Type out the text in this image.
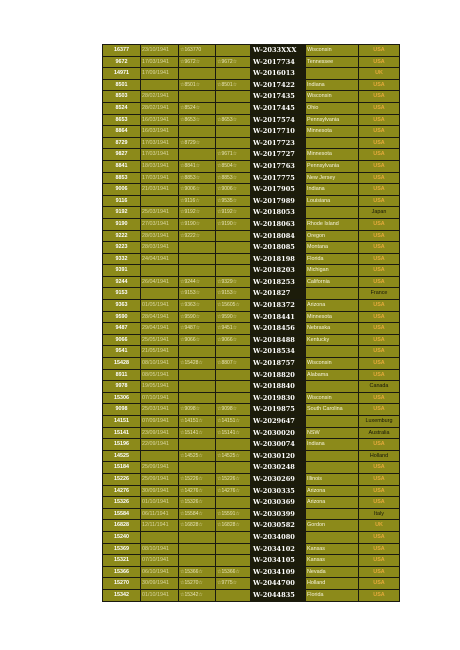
16377	23/10/1941	☆163770		W-2033XXX	Wisconsin	USA
9672	17/03/1941	☆9672☆	☆9672☆	W-2017734	Tennessee	USA
14971	17/09/1941			W-2016013		UK
8501		☆8501☆	☆8501☆	W-2017422	Indiana	USA
8503	28/02/1941			W-2017435	Wisconsin	USA
8524	28/02/1941	☆8524☆		W-2017445	Ohio	USA
8653	16/03/1941	☆8653☆	☆8653☆	W-2017574	Pennsylvania	USA
8864	16/03/1941			W-2017710	Minnesota	USA
8729	17/03/1941	☆8729☆		W-2017723		USA
9827	17/03/1941		☆9671☆	W-2017727	Minnesota	USA
8841	18/03/1941	☆8841☆	☆8504☆	W-2017763	Pennsylvania	USA
8853	17/03/1941	☆8853☆	☆8853☆	W-2017775	New Jersey	USA
9006	21/03/1941	☆9006☆	☆9006☆	W-2017905	Indiana	USA
9116		☆9116☆	☆9535☆	W-2017989	Louisiana	USA
9192	25/03/1941	☆9192☆	☆9192☆	W-2018053		Japan
9190	27/03/1941	☆9190☆	☆9190☆	W-2018063	Rhode Island	USA
9222	28/03/1941	☆9222☆		W-2018084	Oregon	USA
9223	28/03/1941			W-2018085	Montana	USA
9332	24/04/1941			W-2018198	Florida	USA
9391				W-2018203	Michigan	USA
9244	26/04/1941	☆9244☆	☆9329☆	W-2018253	California	USA
9153		☆9153☆	☆9153☆	W-201827		France
9363	01/05/1941	☆9363☆	☆15605☆	W-2018372	Arizona	USA
9590	28/04/1941	☆9590☆	☆9590☆	W-2018441	Minnesota	USA
9487	29/04/1941	☆9487☆	☆9451☆	W-2018456	Nebraska	USA
9066	25/05/1941	☆9066☆	☆9066☆	W-2018488	Kentucky	USA
9541	21/05/1941			W-2018534		USA
15428	08/10/1941	☆15428☆	☆8807☆	W-2018757	Wisconsin	USA
8911	08/05/1941			W-2018820	Alabama	USA
9978	19/05/1941			W-2018840		Canada
15306	07/10/1941			W-2019830	Wisconsin	USA
9098	25/03/1941	☆9098☆	☆9098☆	W-2019875	South Carolina	USA
14151	07/09/1941	☆14151☆	☆14151☆	W-2029647		Luxemburg
15141	23/09/1941	☆15141☆	☆15141☆	W-2030020	NSW	Australia
15196	22/09/1941			W-2030074	Indiana	USA
14525		☆14525☆	☆14525☆	W-2030120		Holland
15184	25/09/1941			W-2030248		USA
15226	25/09/1941	☆15226☆	☆15226☆	W-2030269	Illinois	USA
14276	30/09/1941	☆14276☆	☆14276☆	W-2030335	Arizona	USA
15326	01/10/1941	☆15326☆		W-2030369	Arizona	USA
15584	06/11/1941	☆15584☆	☆15591☆	W-2030399		Italy
16828	12/11/1941	☆16828☆	☆16828☆	W-2030582	Gordon	UK
15240				W-2034080		USA
15369	08/10/1941			W-2034102	Kansas	USA
15321	07/10/1941			W-2034105	Kansas	USA
15366	06/10/1941	☆15366☆	☆15366☆	W-2034109	Nevada	USA
15270	30/09/1941	☆15270☆	☆9775☆	W-2044700	Holland	USA
15342	01/10/1941	☆15342☆		W-2044835	Florida	USA
